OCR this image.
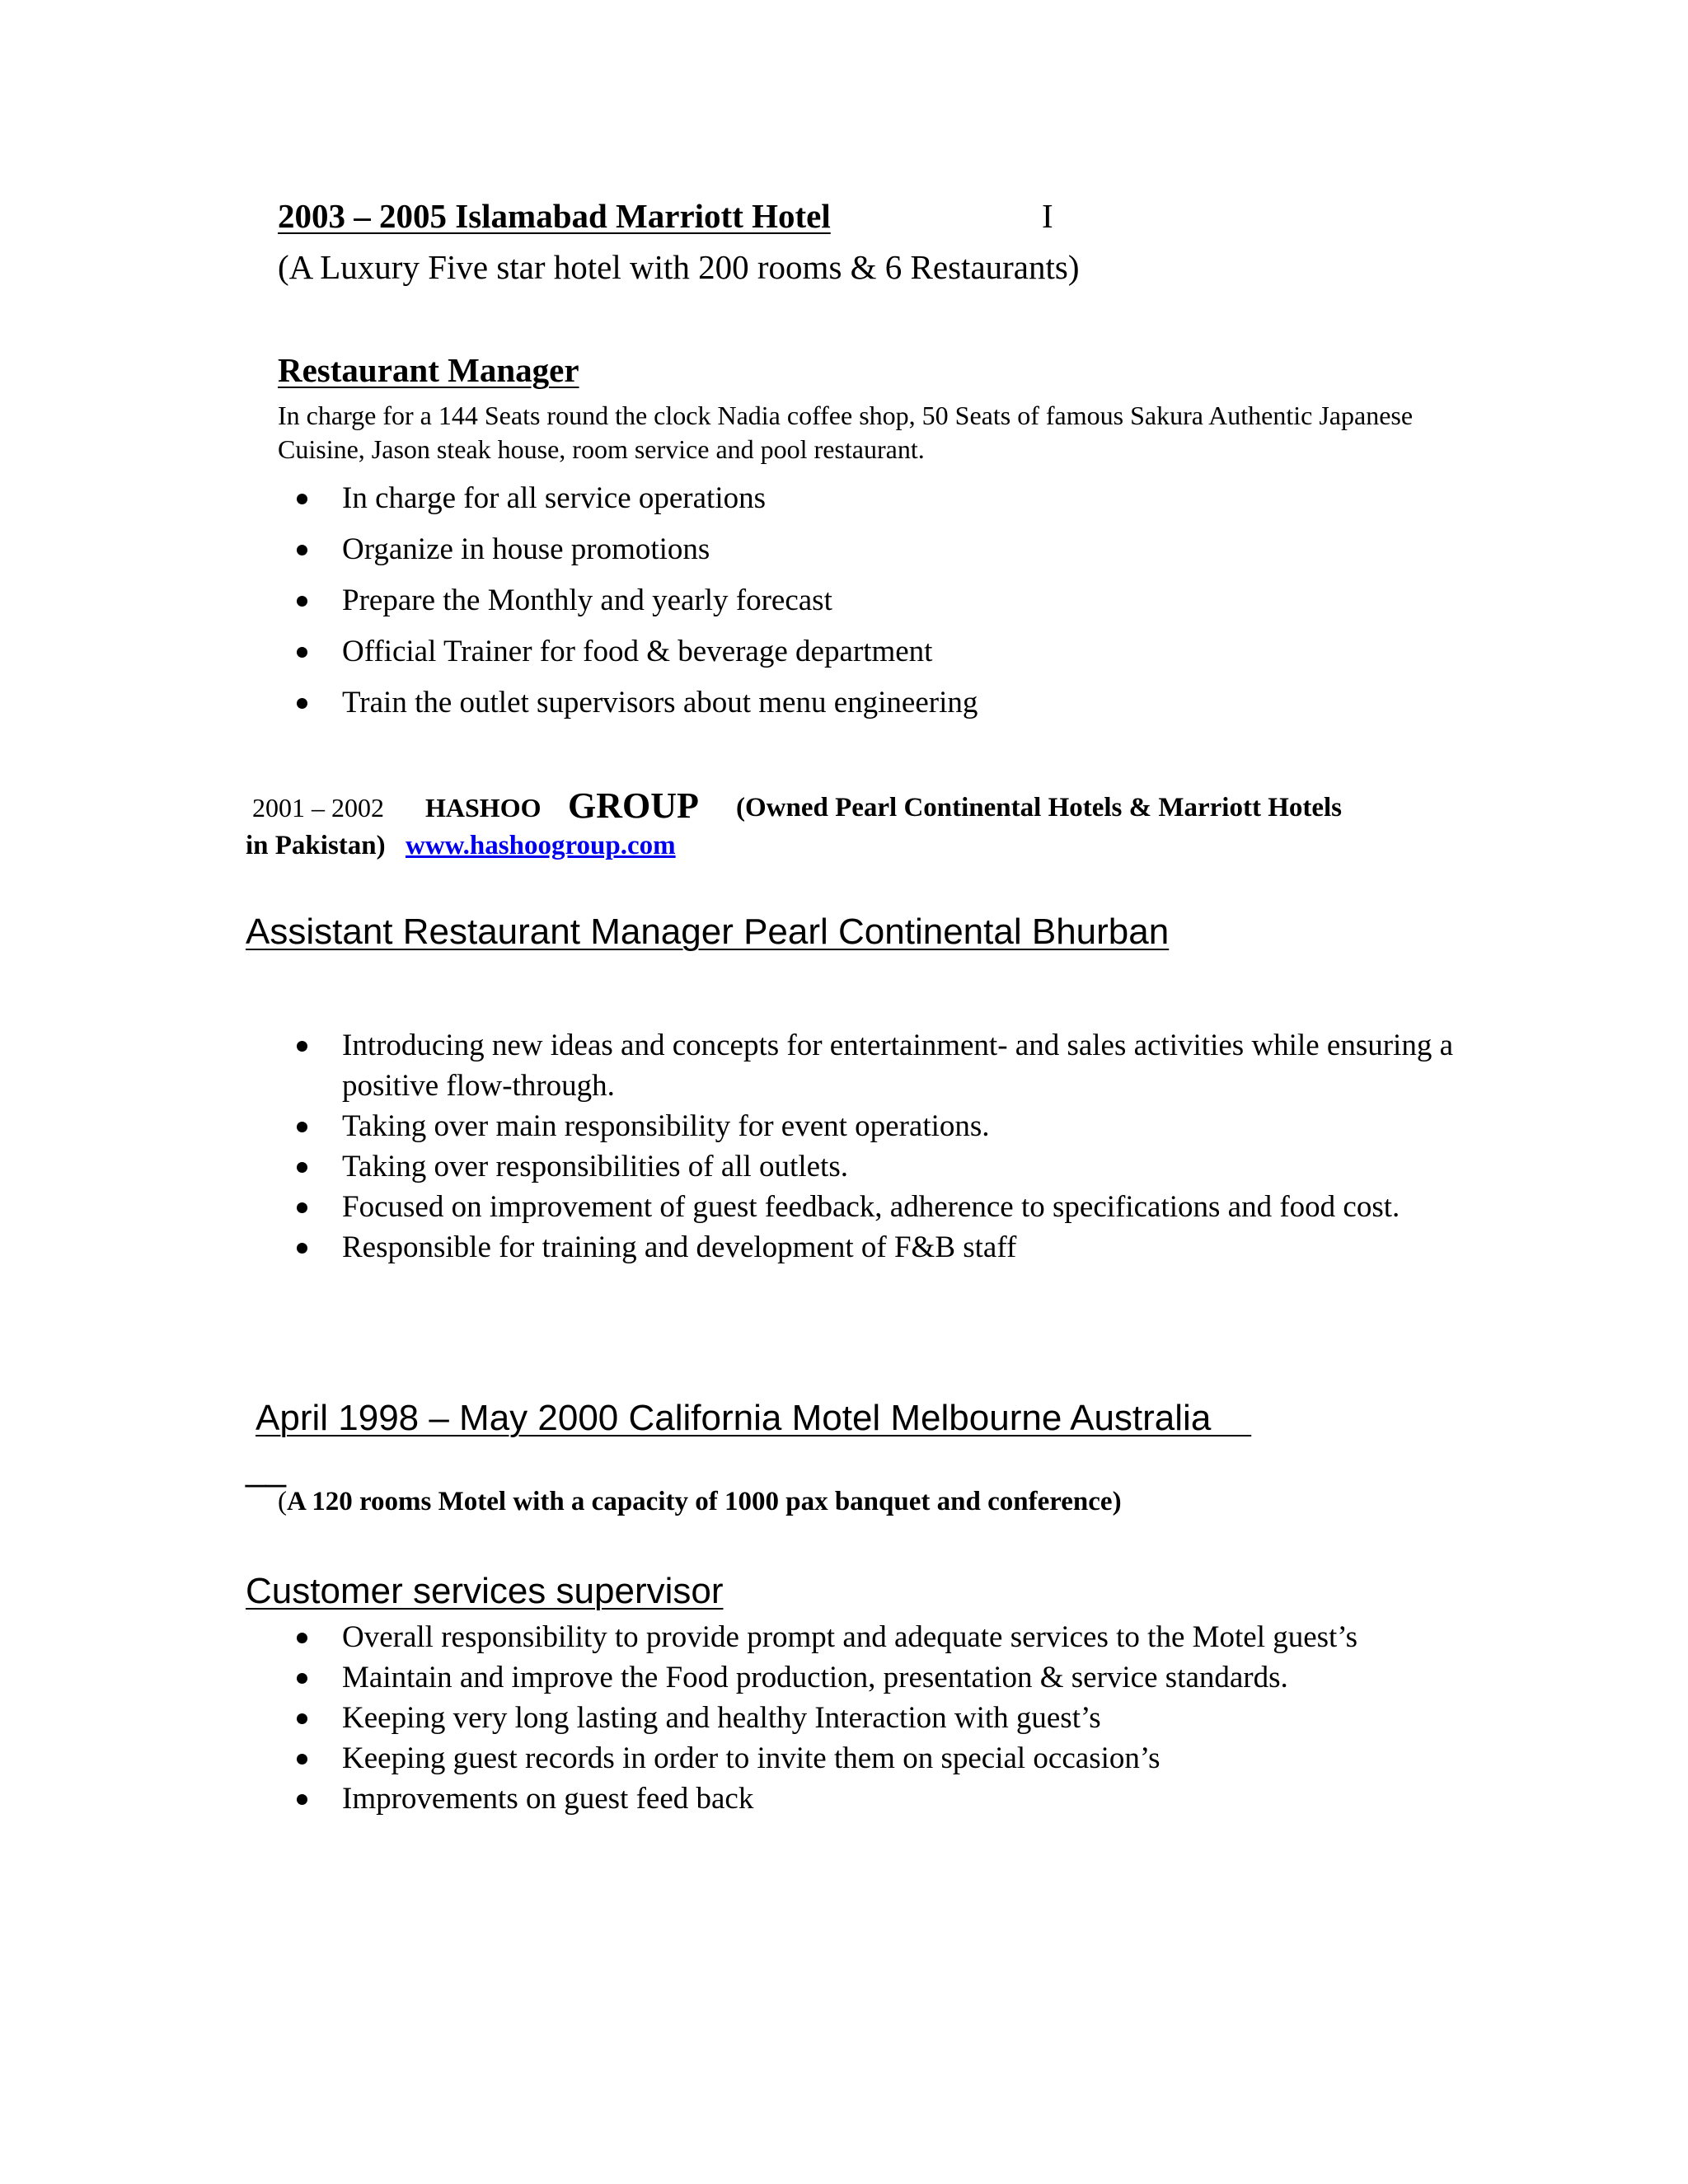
2003 – 2005 Islamabad Marriott Hotel	I
(A Luxury Five star hotel with 200 rooms & 6 Restaurants)
Restaurant Manager
In charge for a 144 Seats round the clock Nadia coffee shop, 50 Seats of famous Sakura Authentic Japanese Cuisine, Jason steak house, room service and pool restaurant.
In charge for all service operations
Organize in house promotions
Prepare the Monthly and yearly forecast
Official Trainer for food & beverage department
Train the outlet supervisors about menu engineering
2001 – 2002 HASHOO GROUP (Owned Pearl Continental Hotels & Marriott Hotels
in Pakistan) www.hashoogroup.com
Assistant Restaurant Manager Pearl Continental Bhurban
Introducing new ideas and concepts for entertainment- and sales activities while ensuring a positive flow-through.
Taking over main responsibility for event operations.
Taking over responsibilities of all outlets.
Focused on improvement of guest feedback, adherence to specifications and food cost.
Responsible for training and development of F&B staff
April 1998 – May 2000 California Motel Melbourne Australia
__
(A 120 rooms Motel with a capacity of 1000 pax banquet and conference)
Customer services supervisor
Overall responsibility to provide prompt and adequate services to the Motel guest’s
Maintain and improve the Food production, presentation & service standards.
Keeping very long lasting and healthy Interaction with guest’s
Keeping guest records in order to invite them on special occasion’s
Improvements on guest feed back
